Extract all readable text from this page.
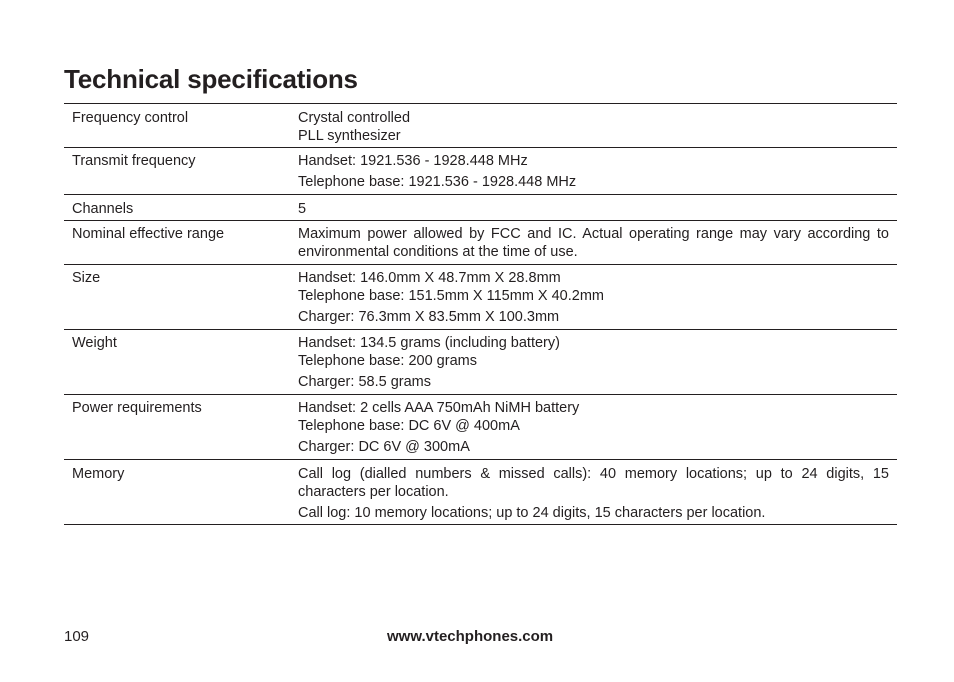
Technical specifications
Frequency control	Crystal controlled
PLL synthesizer

Transmit frequency	Handset: 1921.536 - 1928.448 MHz
Telephone base: 1921.536 - 1928.448 MHz

Channels	5

Nominal effective range	Maximum power allowed by FCC and IC. Actual operating range may vary according to environmental conditions at the time of use.

Size	Handset: 146.0mm X 48.7mm X 28.8mm
Telephone base: 151.5mm X 115mm X 40.2mm
Charger: 76.3mm X 83.5mm X 100.3mm

Weight	Handset: 134.5 grams (including battery)
Telephone base: 200 grams
Charger: 58.5 grams

Power requirements	Handset: 2 cells AAA 750mAh NiMH battery
Telephone base: DC 6V @ 400mA
Charger: DC 6V @ 300mA

Memory	Call log (dialled numbers & missed calls): 40 memory locations; up to 24 digits, 15 characters per location.
Call log: 10 memory locations; up to 24 digits, 15 characters per location.
109	www.vtechphones.com
